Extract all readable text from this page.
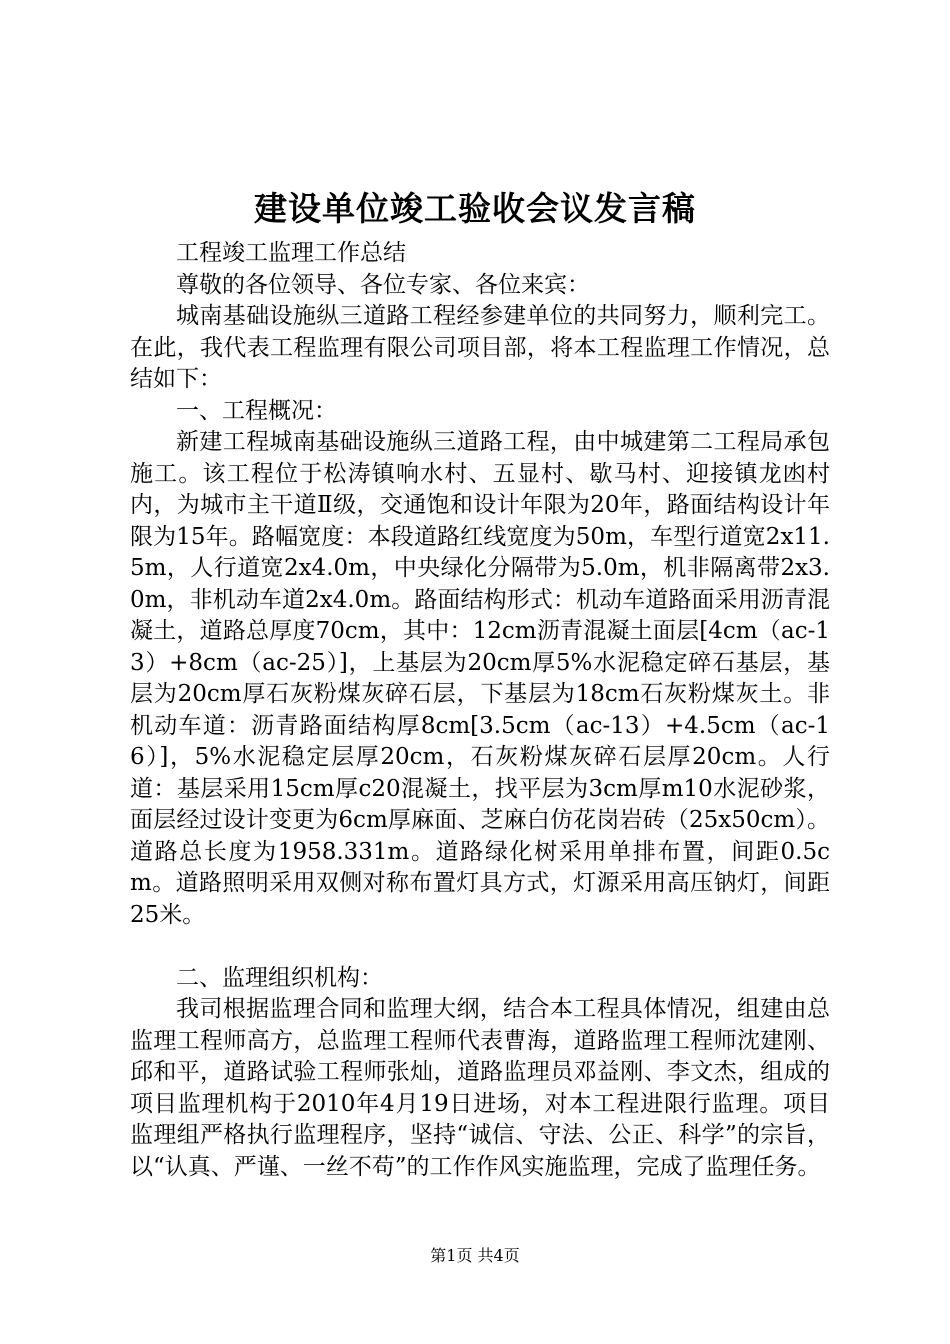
建设单位竣工验收会议发言稿

工程竣工监理工作总结

尊敬的各位领导、各位专家、各位来宾：

城南基础设施纵三道路工程经参建单位的共同努力，顺利完工。在此，我代表工程监理有限公司项目部，将本工程监理工作情况，总结如下：

一、工程概况：

新建工程城南基础设施纵三道路工程，由中城建第二工程局承包施工。该工程位于松涛镇响水村、五显村、歇马村、迎接镇龙凼村内，为城市主干道Ⅱ级，交通饱和设计年限为20年，路面结构设计年限为15年。路幅宽度：本段道路红线宽度为50m，车型行道宽2x11.5m，人行道宽2x4.0m，中央绿化分隔带为5.0m，机非隔离带2x3.0m，非机动车道2x4.0m。路面结构形式：机动车道路面采用沥青混凝土，道路总厚度70cm，其中：12cm沥青混凝土面层[4cm（ac-13）+8cm（ac-25）]，上基层为20cm厚5%水泥稳定碎石基层，基层为20cm厚石灰粉煤灰碎石层，下基层为18cm石灰粉煤灰土。非机动车道：沥青路面结构厚8cm[3.5cm（ac-13）+4.5cm（ac-16）]，5%水泥稳定层厚20cm，石灰粉煤灰碎石层厚20cm。人行道：基层采用15cm厚c20混凝土，找平层为3cm厚m10水泥砂浆，面层经过设计变更为6cm厚麻面、芝麻白仿花岗岩砖（25x50cm）。道路总长度为1958.331m。道路绿化树采用单排布置，间距0.5cm。道路照明采用双侧对称布置灯具方式，灯源采用高压钠灯，间距25米。

二、监理组织机构：

我司根据监理合同和监理大纲，结合本工程具体情况，组建由总监理工程师高方，总监理工程师代表曹海，道路监理工程师沈建刚、邱和平，道路试验工程师张灿，道路监理员邓益刚、李文杰，组成的项目监理机构于2010年4月19日进场，对本工程进限行监理。项目监理组严格执行监理程序，坚持“诚信、守法、公正、科学”的宗旨，以“认真、严谨、一丝不苟”的工作作风实施监理，完成了监理任务。

第1页 共4页
